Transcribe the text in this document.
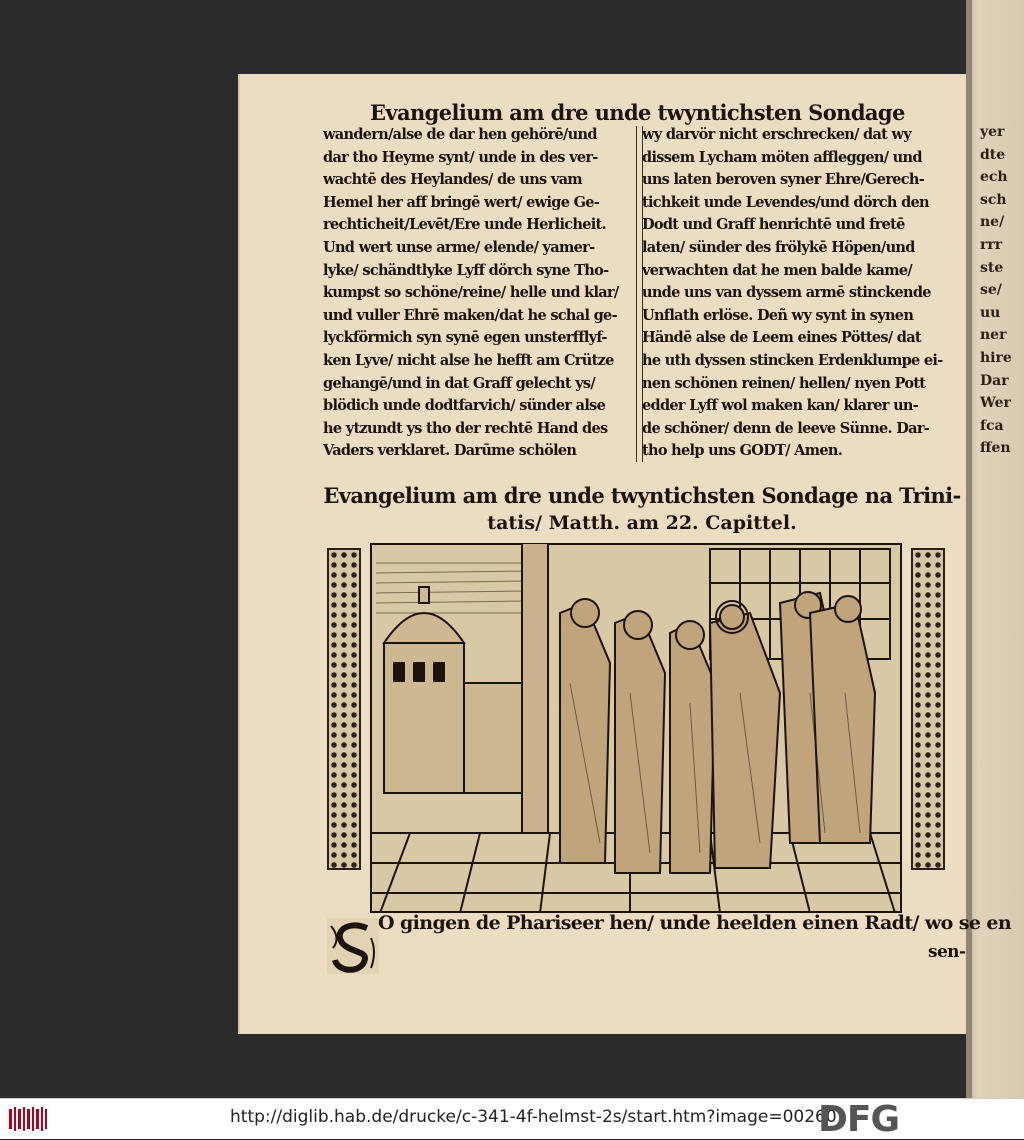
yer
dte
ech
sch
ne/
rrr
ste
se/
uu
ner
hire
Dar
Wer
fca
ffen
Evangelium am dre unde twyntichsten Sondage
wandern/alse de dar hen gehörē/und
dar tho Heyme synt/ unde in des ver-
wachtē des Heylandes/ de uns vam
Hemel her aff bringē wert/ ewige Ge-
rechticheit/Levēt/Ere unde Herlicheit.
Und wert unse arme/ elende/ yamer-
lyke/ schändtlyke Lyff dörch syne Tho-
kumpst so schöne/reine/ helle und klar/
und vuller Ehrē maken/dat he schal ge-
lyckförmich syn synē egen unsterfflyf-
ken Lyve/ nicht alse he hefft am Crütze
gehangē/und in dat Graff gelecht ys/
blödich unde dodtfarvich/ sünder alse
he ytzundt ys tho der rechtē Hand des
Vaders verklaret. Darūme schölen
wy darvör nicht erschrecken/ dat wy
dissem Lycham möten affleggen/ und
uns laten beroven syner Ehre/Gerech-
tichkeit unde Levendes/und dörch den
Dodt und Graff henrichtē und fretē
laten/ sünder des frölykē Höpen/und
verwachten dat he men balde kame/
unde uns van dyssem armē stinckende
Unflath erlöse. Deñ wy synt in synen
Händē alse de Leem eines Pöttes/ dat
he uth dyssen stincken Erdenklumpe ei-
nen schönen reinen/ hellen/ nyen Pott
edder Lyff wol maken kan/ klarer un-
de schöner/ denn de leeve Sünne. Dar-
tho help uns GODT/ Amen.
Evangelium am dre unde twyntichsten Sondage na Trini-
tatis/ Matth. am 22. Capittel.
O gingen de Phariseer hen/ unde heelden einen Radt/ wo se en
sen-
http://diglib.hab.de/drucke/c-341-4f-helmst-2s/start.htm?image=00260
DFG
